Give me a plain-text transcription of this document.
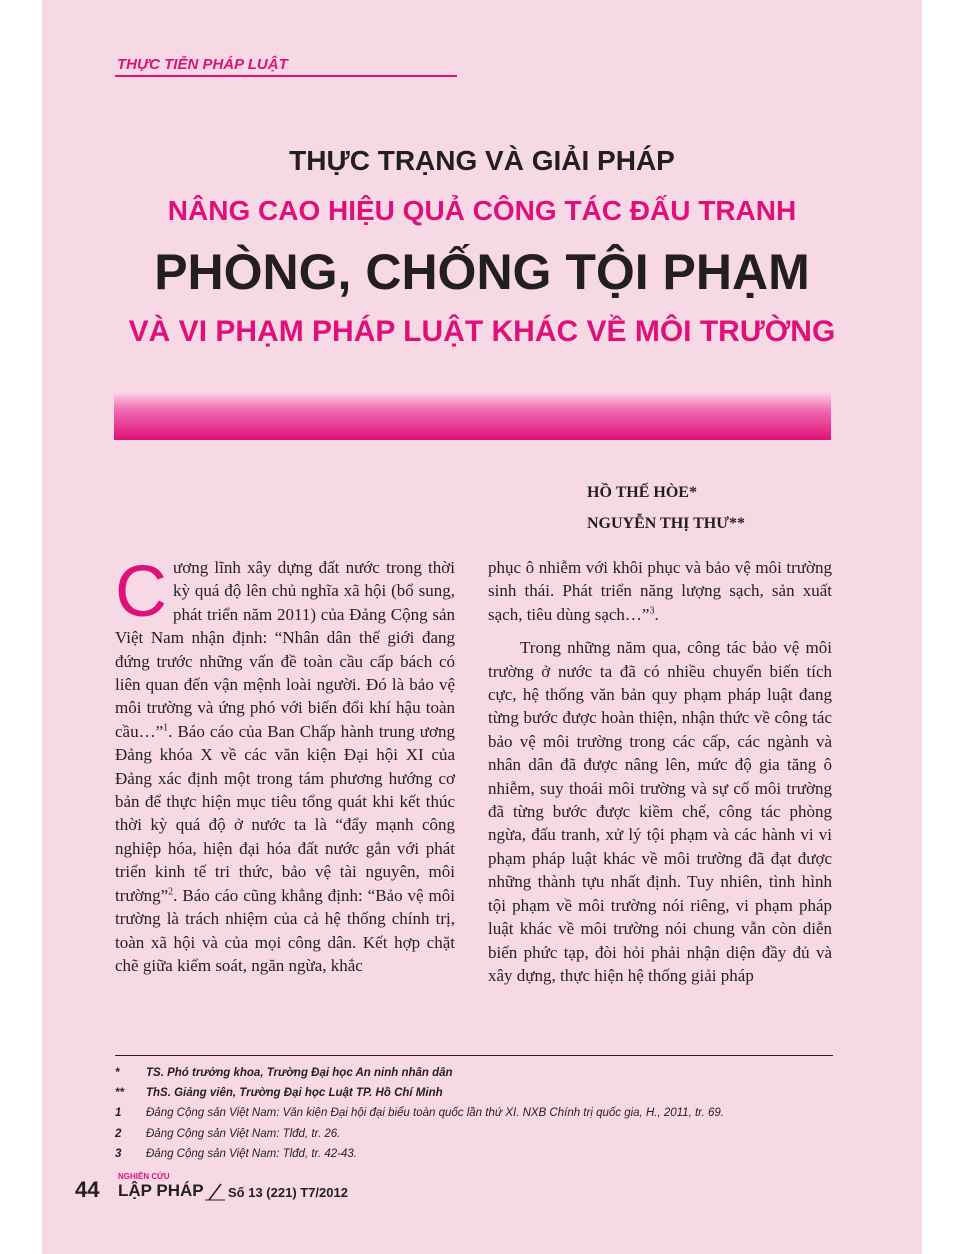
THỰC TIỄN PHÁP LUẬT
THỰC TRẠNG VÀ GIẢI PHÁP
NÂNG CAO HIỆU QUẢ CÔNG TÁC ĐẤU TRANH
PHÒNG, CHỐNG TỘI PHẠM
VÀ VI PHẠM PHÁP LUẬT KHÁC VỀ MÔI TRƯỜNG
HỒ THẾ HÒE*
NGUYỄN THỊ THƯ**

Cương lĩnh xây dựng đất nước trong thời kỳ quá độ lên chủ nghĩa xã hội (bổ sung, phát triển năm 2011) của Đảng Cộng sản Việt Nam nhận định: “Nhân dân thế giới đang đứng trước những vấn đề toàn cầu cấp bách có liên quan đến vận mệnh loài người. Đó là bảo vệ môi trường và ứng phó với biến đổi khí hậu toàn cầu…”$^1$. Báo cáo của Ban Chấp hành trung ương Đảng khóa X về các văn kiện Đại hội XI của Đảng xác định một trong tám phương hướng cơ bản để thực hiện mục tiêu tổng quát khi kết thúc thời kỳ quá độ ở nước ta là “đẩy mạnh công nghiệp hóa, hiện đại hóa đất nước gắn với phát triển kinh tế tri thức, bảo vệ tài nguyên, môi trường”$^2$. Báo cáo cũng khẳng định: “Bảo vệ môi trường là trách nhiệm của cả hệ thống chính trị, toàn xã hội và của mọi công dân. Kết hợp chặt chẽ giữa kiểm soát, ngăn ngừa, khắc

phục ô nhiễm với khôi phục và bảo vệ môi trường sinh thái. Phát triển năng lượng sạch, sản xuất sạch, tiêu dùng sạch…”$^3$.

Trong những năm qua, công tác bảo vệ môi trường ở nước ta đã có nhiều chuyển biến tích cực, hệ thống văn bản quy phạm pháp luật đang từng bước được hoàn thiện, nhận thức về công tác bảo vệ môi trường trong các cấp, các ngành và nhân dân đã được nâng lên, mức độ gia tăng ô nhiễm, suy thoái môi trường và sự cố môi trường đã từng bước được kiềm chế, công tác phòng ngừa, đấu tranh, xử lý tội phạm và các hành vi vi phạm pháp luật khác về môi trường đã đạt được những thành tựu nhất định. Tuy nhiên, tình hình tội phạm về môi trường nói riêng, vi phạm pháp luật khác về môi trường nói chung vẫn còn diễn biến phức tạp, đòi hỏi phải nhận diện đầy đủ và xây dựng, thực hiện hệ thống giải pháp

* TS. Phó trưởng khoa, Trường Đại học An ninh nhân dân
** ThS. Giảng viên, Trường Đại học Luật TP. Hồ Chí Minh
1 Đảng Cộng sản Việt Nam: Văn kiện Đại hội đại biểu toàn quốc lần thứ XI. NXB Chính trị quốc gia, H., 2011, tr. 69.
2 Đảng Cộng sản Việt Nam: Tlđd, tr. 26.
3 Đảng Cộng sản Việt Nam: Tlđd, tr. 42-43.
44
NGHIÊN CỨU
LẬP PHÁP Số 13 (221) T7/2012
